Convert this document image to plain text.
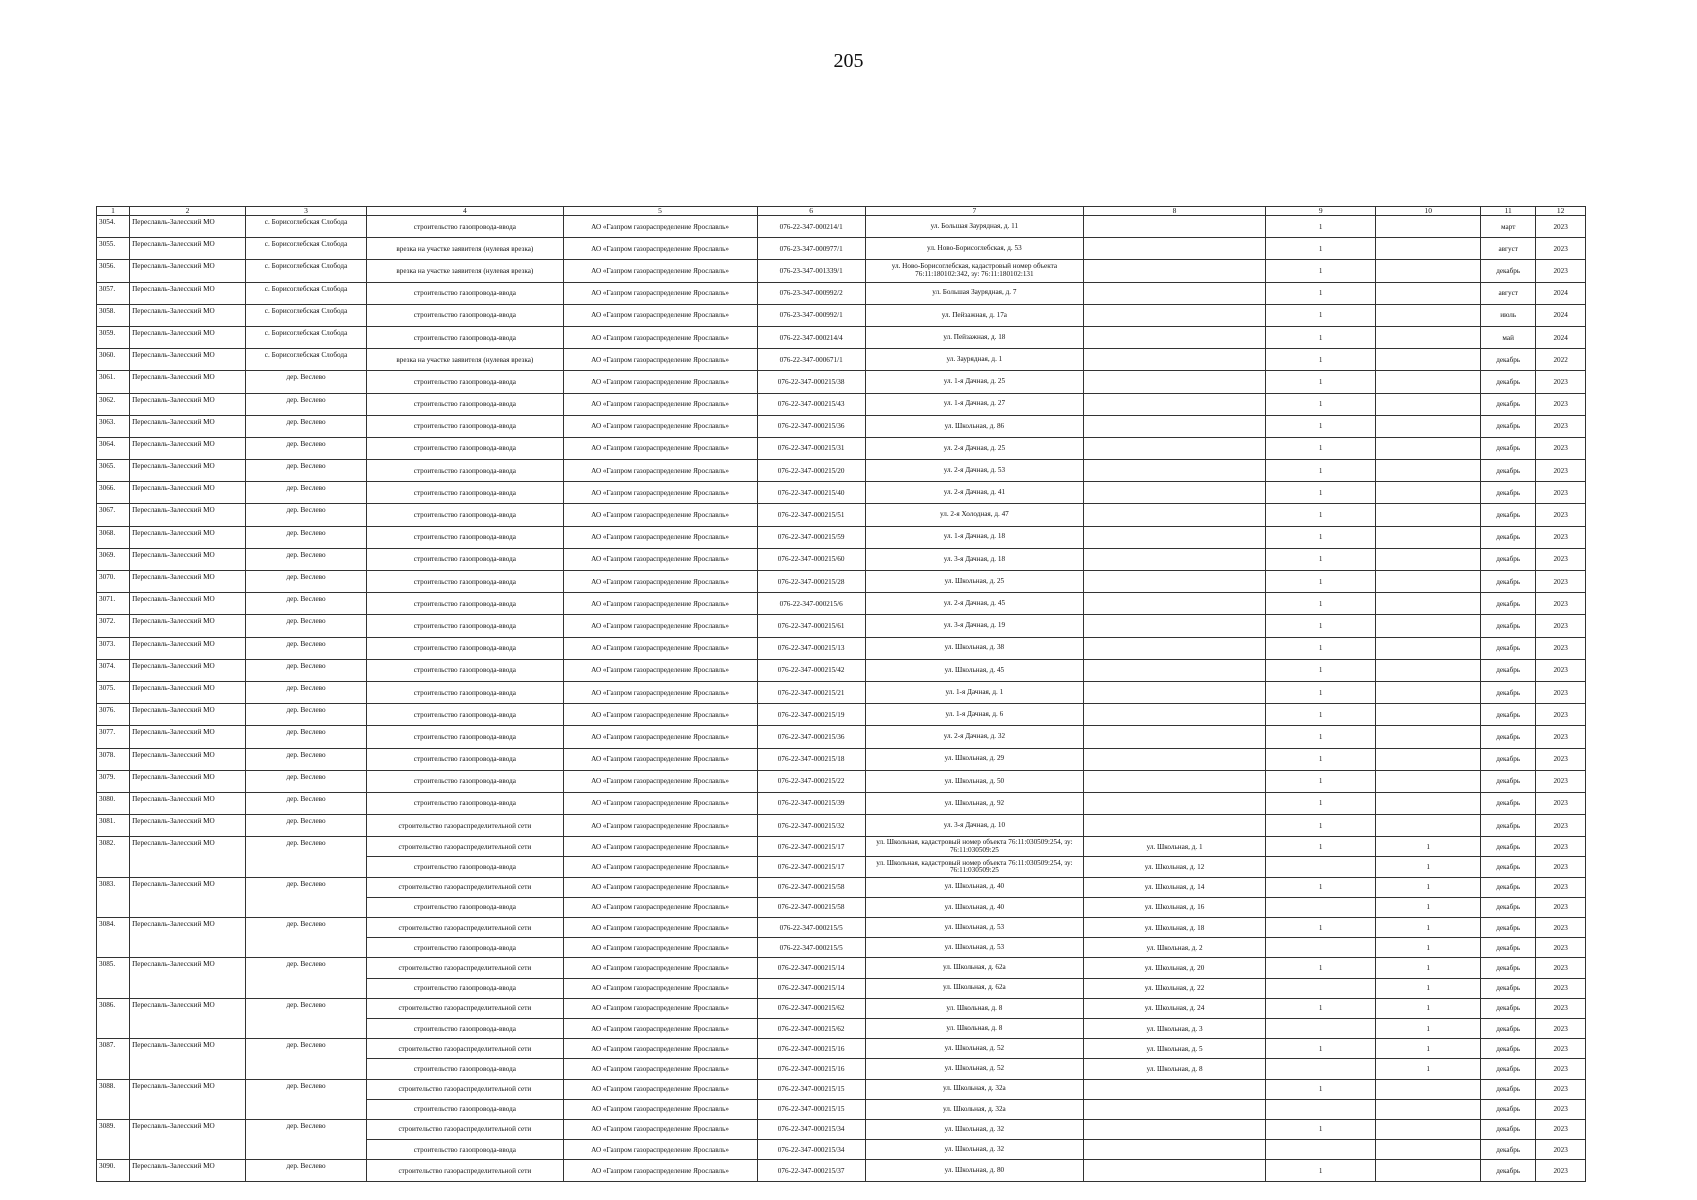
205
1	2	3	4	5	6	7	8	9	10	11	12
3054.	Переславль-Залесский МО	с. Борисоглебская Слобода	строительство газопровода-ввода	АО «Газпром газораспределение Ярославль»	076-22-347-000214/1	ул. Большая Заурядная, д. 11		1		март	2023
3055.	Переславль-Залесский МО	с. Борисоглебская Слобода	врезка на участке заявителя (нулевая врезка)	АО «Газпром газораспределение Ярославль»	076-23-347-000977/1	ул. Ново-Борисоглебская, д. 53		1		август	2023
3056.	Переславль-Залесский МО	с. Борисоглебская Слобода	врезка на участке заявителя (нулевая врезка)	АО «Газпром газораспределение Ярославль»	076-23-347-001339/1	ул. Ново-Борисоглебская, кадастровый номер объекта 76:11:180102:342, зу: 76:11:180102:131		1		декабрь	2023
3057.	Переславль-Залесский МО	с. Борисоглебская Слобода	строительство газопровода-ввода	АО «Газпром газораспределение Ярославль»	076-23-347-000992/2	ул. Большая Заурядная, д. 7		1		август	2024
3058.	Переславль-Залесский МО	с. Борисоглебская Слобода	строительство газопровода-ввода	АО «Газпром газораспределение Ярославль»	076-23-347-000992/1	ул. Пейзажная, д. 17а		1		июль	2024
3059.	Переславль-Залесский МО	с. Борисоглебская Слобода	строительство газопровода-ввода	АО «Газпром газораспределение Ярославль»	076-22-347-000214/4	ул. Пейзажная, д. 18		1		май	2024
3060.	Переславль-Залесский МО	с. Борисоглебская Слобода	врезка на участке заявителя (нулевая врезка)	АО «Газпром газораспределение Ярославль»	076-22-347-000671/1	ул. Заурядная, д. 1		1		декабрь	2022
3061.	Переславль-Залесский МО	дер. Веслево	строительство газопровода-ввода	АО «Газпром газораспределение Ярославль»	076-22-347-000215/38	ул. 1-я Дачная, д. 25		1		декабрь	2023
3062.	Переславль-Залесский МО	дер. Веслево	строительство газопровода-ввода	АО «Газпром газораспределение Ярославль»	076-22-347-000215/43	ул. 1-я Дачная, д. 27		1		декабрь	2023
3063.	Переславль-Залесский МО	дер. Веслево	строительство газопровода-ввода	АО «Газпром газораспределение Ярославль»	076-22-347-000215/36	ул. Школьная, д. 86		1		декабрь	2023
3064.	Переславль-Залесский МО	дер. Веслево	строительство газопровода-ввода	АО «Газпром газораспределение Ярославль»	076-22-347-000215/31	ул. 2-я Дачная, д. 25		1		декабрь	2023
3065.	Переславль-Залесский МО	дер. Веслево	строительство газопровода-ввода	АО «Газпром газораспределение Ярославль»	076-22-347-000215/20	ул. 2-я Дачная, д. 53		1		декабрь	2023
3066.	Переславль-Залесский МО	дер. Веслево	строительство газопровода-ввода	АО «Газпром газораспределение Ярославль»	076-22-347-000215/40	ул. 2-я Дачная, д. 41		1		декабрь	2023
3067.	Переславль-Залесский МО	дер. Веслево	строительство газопровода-ввода	АО «Газпром газораспределение Ярославль»	076-22-347-000215/51	ул. 2-я Холодная, д. 47		1		декабрь	2023
3068.	Переславль-Залесский МО	дер. Веслево	строительство газопровода-ввода	АО «Газпром газораспределение Ярославль»	076-22-347-000215/59	ул. 1-я Дачная, д. 18		1		декабрь	2023
3069.	Переславль-Залесский МО	дер. Веслево	строительство газопровода-ввода	АО «Газпром газораспределение Ярославль»	076-22-347-000215/60	ул. 3-я Дачная, д. 18		1		декабрь	2023
3070.	Переславль-Залесский МО	дер. Веслево	строительство газопровода-ввода	АО «Газпром газораспределение Ярославль»	076-22-347-000215/28	ул. Школьная, д. 25		1		декабрь	2023
3071.	Переславль-Залесский МО	дер. Веслево	строительство газопровода-ввода	АО «Газпром газораспределение Ярославль»	076-22-347-000215/6	ул. 2-я Дачная, д. 45		1		декабрь	2023
3072.	Переславль-Залесский МО	дер. Веслево	строительство газопровода-ввода	АО «Газпром газораспределение Ярославль»	076-22-347-000215/61	ул. 3-я Дачная, д. 19		1		декабрь	2023
3073.	Переславль-Залесский МО	дер. Веслево	строительство газопровода-ввода	АО «Газпром газораспределение Ярославль»	076-22-347-000215/13	ул. Школьная, д. 38		1		декабрь	2023
3074.	Переславль-Залесский МО	дер. Веслево	строительство газопровода-ввода	АО «Газпром газораспределение Ярославль»	076-22-347-000215/42	ул. Школьная, д. 45		1		декабрь	2023
3075.	Переславль-Залесский МО	дер. Веслево	строительство газопровода-ввода	АО «Газпром газораспределение Ярославль»	076-22-347-000215/21	ул. 1-я Дачная, д. 1		1		декабрь	2023
3076.	Переславль-Залесский МО	дер. Веслево	строительство газопровода-ввода	АО «Газпром газораспределение Ярославль»	076-22-347-000215/19	ул. 1-я Дачная, д. 6		1		декабрь	2023
3077.	Переславль-Залесский МО	дер. Веслево	строительство газопровода-ввода	АО «Газпром газораспределение Ярославль»	076-22-347-000215/36	ул. 2-я Дачная, д. 32		1		декабрь	2023
3078.	Переславль-Залесский МО	дер. Веслево	строительство газопровода-ввода	АО «Газпром газораспределение Ярославль»	076-22-347-000215/18	ул. Школьная, д. 29		1		декабрь	2023
3079.	Переславль-Залесский МО	дер. Веслево	строительство газопровода-ввода	АО «Газпром газораспределение Ярославль»	076-22-347-000215/22	ул. Школьная, д. 50		1		декабрь	2023
3080.	Переславль-Залесский МО	дер. Веслево	строительство газопровода-ввода	АО «Газпром газораспределение Ярославль»	076-22-347-000215/39	ул. Школьная, д. 92		1		декабрь	2023
3081.	Переславль-Залесский МО	дер. Веслево	строительство газораспределительной сети	АО «Газпром газораспределение Ярославль»	076-22-347-000215/32	ул. 3-я Дачная, д. 10		1		декабрь	2023
3082.	Переславль-Залесский МО	дер. Веслево	строительство газораспределительной сети	АО «Газпром газораспределение Ярославль»	076-22-347-000215/17	ул. Школьная, кадастровый номер объекта 76:11:030509:254, зу: 76:11:030509:25	ул. Школьная, д. 1	1	1	декабрь	2023
			строительство газопровода-ввода	АО «Газпром газораспределение Ярославль»	076-22-347-000215/17	ул. Школьная, кадастровый номер объекта 76:11:030509:254, зу: 76:11:030509:25	ул. Школьная, д. 12		1	декабрь	2023
3083.	Переславль-Залесский МО	дер. Веслево	строительство газораспределительной сети	АО «Газпром газораспределение Ярославль»	076-22-347-000215/58	ул. Школьная, д. 40	ул. Школьная, д. 14	1	1	декабрь	2023
			строительство газопровода-ввода	АО «Газпром газораспределение Ярославль»	076-22-347-000215/58	ул. Школьная, д. 40	ул. Школьная, д. 16		1	декабрь	2023
3084.	Переславль-Залесский МО	дер. Веслево	строительство газораспределительной сети	АО «Газпром газораспределение Ярославль»	076-22-347-000215/5	ул. Школьная, д. 53	ул. Школьная, д. 18	1	1	декабрь	2023
			строительство газопровода-ввода	АО «Газпром газораспределение Ярославль»	076-22-347-000215/5	ул. Школьная, д. 53	ул. Школьная, д. 2		1	декабрь	2023
3085.	Переславль-Залесский МО	дер. Веслево	строительство газораспределительной сети	АО «Газпром газораспределение Ярославль»	076-22-347-000215/14	ул. Школьная, д. 62а	ул. Школьная, д. 20	1	1	декабрь	2023
			строительство газопровода-ввода	АО «Газпром газораспределение Ярославль»	076-22-347-000215/14	ул. Школьная, д. 62а	ул. Школьная, д. 22		1	декабрь	2023
3086.	Переславль-Залесский МО	дер. Веслево	строительство газораспределительной сети	АО «Газпром газораспределение Ярославль»	076-22-347-000215/62	ул. Школьная, д. 8	ул. Школьная, д. 24	1	1	декабрь	2023
			строительство газопровода-ввода	АО «Газпром газораспределение Ярославль»	076-22-347-000215/62	ул. Школьная, д. 8	ул. Школьная, д. 3		1	декабрь	2023
3087.	Переславль-Залесский МО	дер. Веслево	строительство газораспределительной сети	АО «Газпром газораспределение Ярославль»	076-22-347-000215/16	ул. Школьная, д. 52	ул. Школьная, д. 5	1	1	декабрь	2023
			строительство газопровода-ввода	АО «Газпром газораспределение Ярославль»	076-22-347-000215/16	ул. Школьная, д. 52	ул. Школьная, д. 8		1	декабрь	2023
3088.	Переславль-Залесский МО	дер. Веслево	строительство газораспределительной сети	АО «Газпром газораспределение Ярославль»	076-22-347-000215/15	ул. Школьная, д. 32а		1		декабрь	2023
			строительство газопровода-ввода	АО «Газпром газораспределение Ярославль»	076-22-347-000215/15	ул. Школьная, д. 32а				декабрь	2023
3089.	Переславль-Залесский МО	дер. Веслево	строительство газораспределительной сети	АО «Газпром газораспределение Ярославль»	076-22-347-000215/34	ул. Школьная, д. 32		1		декабрь	2023
			строительство газопровода-ввода	АО «Газпром газораспределение Ярославль»	076-22-347-000215/34	ул. Школьная, д. 32				декабрь	2023
3090.	Переславль-Залесский МО	дер. Веслево	строительство газораспределительной сети	АО «Газпром газораспределение Ярославль»	076-22-347-000215/37	ул. Школьная, д. 80		1		декабрь	2023
